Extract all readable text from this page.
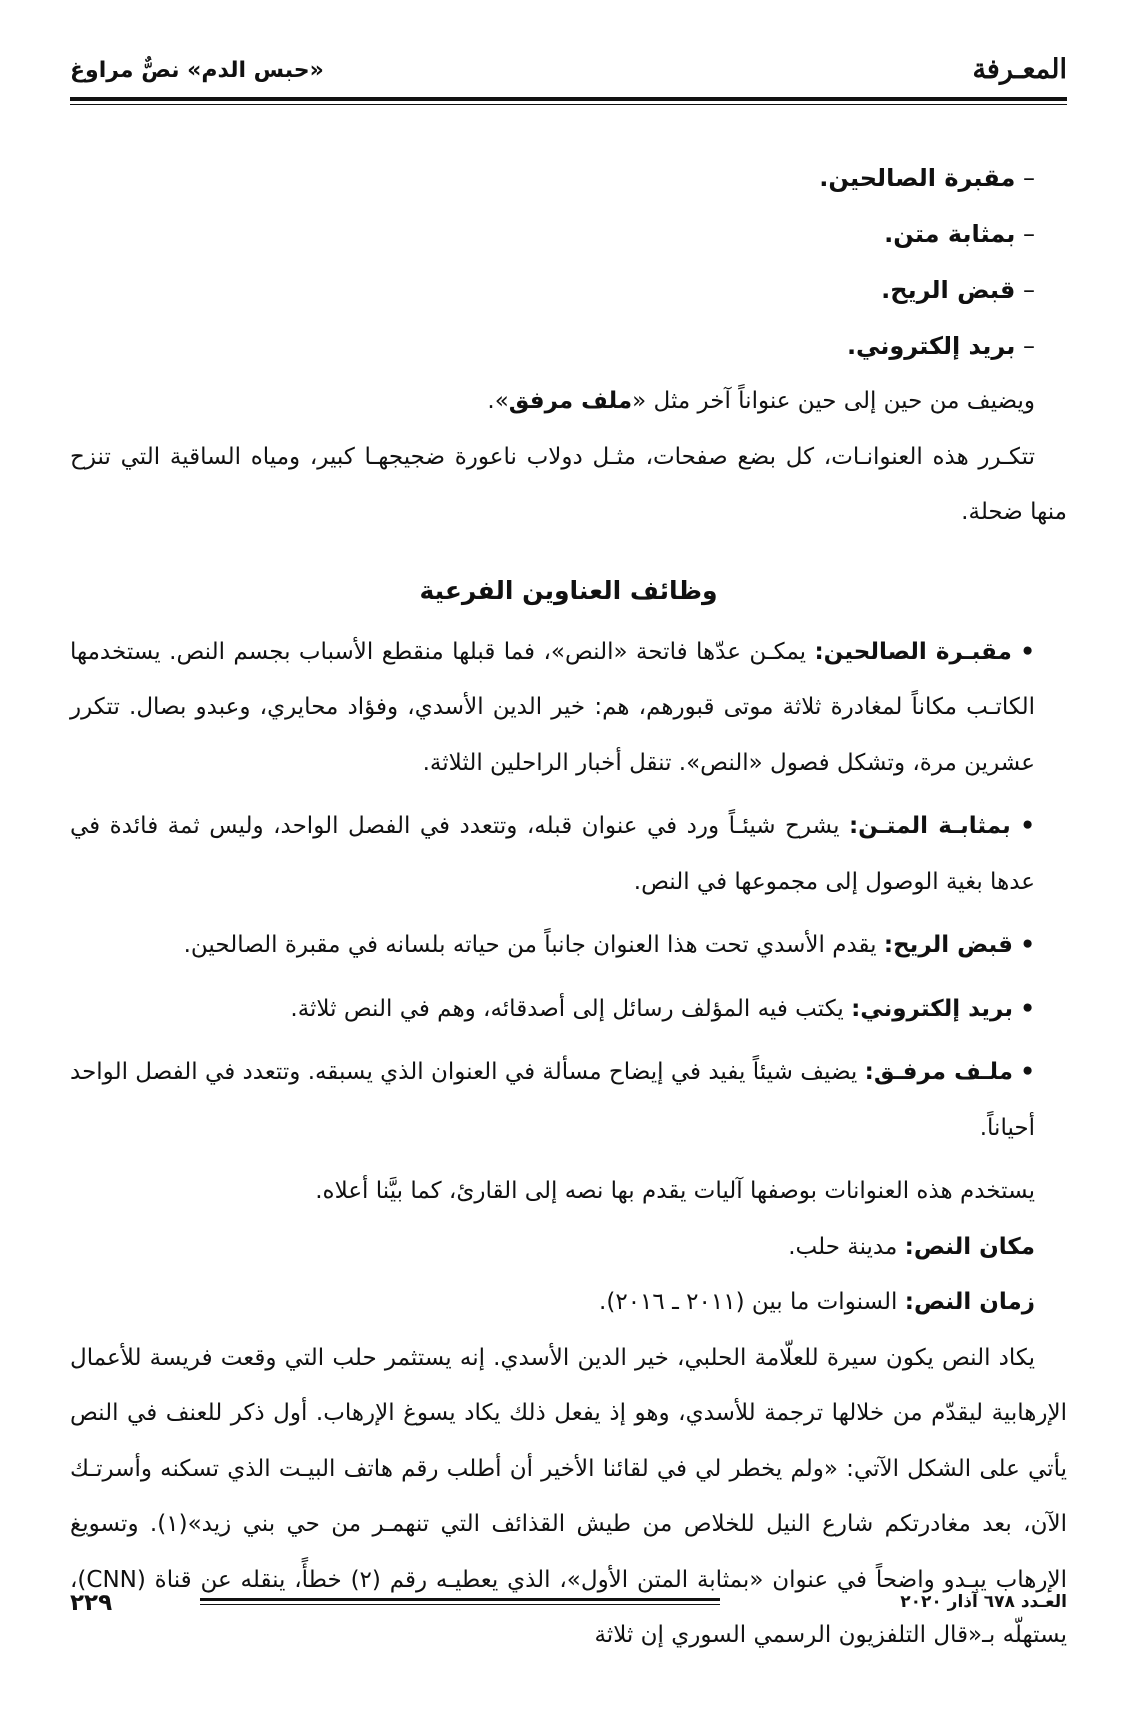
المعـرفة
«حبس الدم» نصٌّ مراوغ
– مقبرة الصالحين.
– بمثابة متن.
– قبض الريح.
– بريد إلكتروني.

ويضيف من حين إلى حين عنواناً آخر مثل «ملف مرفق».

تتكـرر هذه العنوانـات، كل بضع صفحات، مثـل دولاب ناعورة ضجيجهـا كبير، ومياه الساقية التي تنزح منها ضحلة.

وظائف العناوين الفرعية

• مقبـرة الصالحين: يمكـن عدّها فاتحة «النص»، فما قبلها منقطع الأسباب بجسم النص. يستخدمها الكاتـب مكاناً لمغادرة ثلاثة موتى قبورهم، هم: خير الدين الأسدي، وفؤاد محايري، وعبدو بصال. تتكرر عشرين مرة، وتشكل فصول «النص». تنقل أخبار الراحلين الثلاثة.

• بمثابـة المتـن: يشرح شيئـاً ورد في عنوان قبله، وتتعدد في الفصل الواحد، وليس ثمة فائدة في عدها بغية الوصول إلى مجموعها في النص.

• قبض الريح: يقدم الأسدي تحت هذا العنوان جانباً من حياته بلسانه في مقبرة الصالحين.

• بريد إلكتروني: يكتب فيه المؤلف رسائل إلى أصدقائه، وهم في النص ثلاثة.

• ملـف مرفـق: يضيف شيئاً يفيد في إيضاح مسألة في العنوان الذي يسبقه. وتتعدد في الفصل الواحد أحياناً.

يستخدم هذه العنوانات بوصفها آليات يقدم بها نصه إلى القارئ، كما بيَّنا أعلاه.

مكان النص: مدينة حلب.

زمان النص: السنوات ما بين (٢٠١١ ـ ٢٠١٦).

يكاد النص يكون سيرة للعلّامة الحلبي، خير الدين الأسدي. إنه يستثمر حلب التي وقعت فريسة للأعمال الإرهابية ليقدّم من خلالها ترجمة للأسدي، وهو إذ يفعل ذلك يكاد يسوغ الإرهاب. أول ذكر للعنف في النص يأتي على الشكل الآتي: «ولم يخطر لي في لقائنا الأخير أن أطلب رقم هاتف البيـت الذي تسكنه وأسرتـك الآن، بعد مغادرتكم شارع النيل للخلاص من طيش القذائف التي تنهمـر من حي بني زيد»(١). وتسويغ الإرهاب يبـدو واضحاً في عنوان «بمثابة المتن الأول»، الذي يعطيـه رقم (٢) خطأً، ينقله عن قناة (CNN)، يستهلّه بـ«قال التلفزيون الرسمي السوري إن ثلاثة

العـدد ٦٧٨ آذار ٢٠٢٠
٢٢٩
